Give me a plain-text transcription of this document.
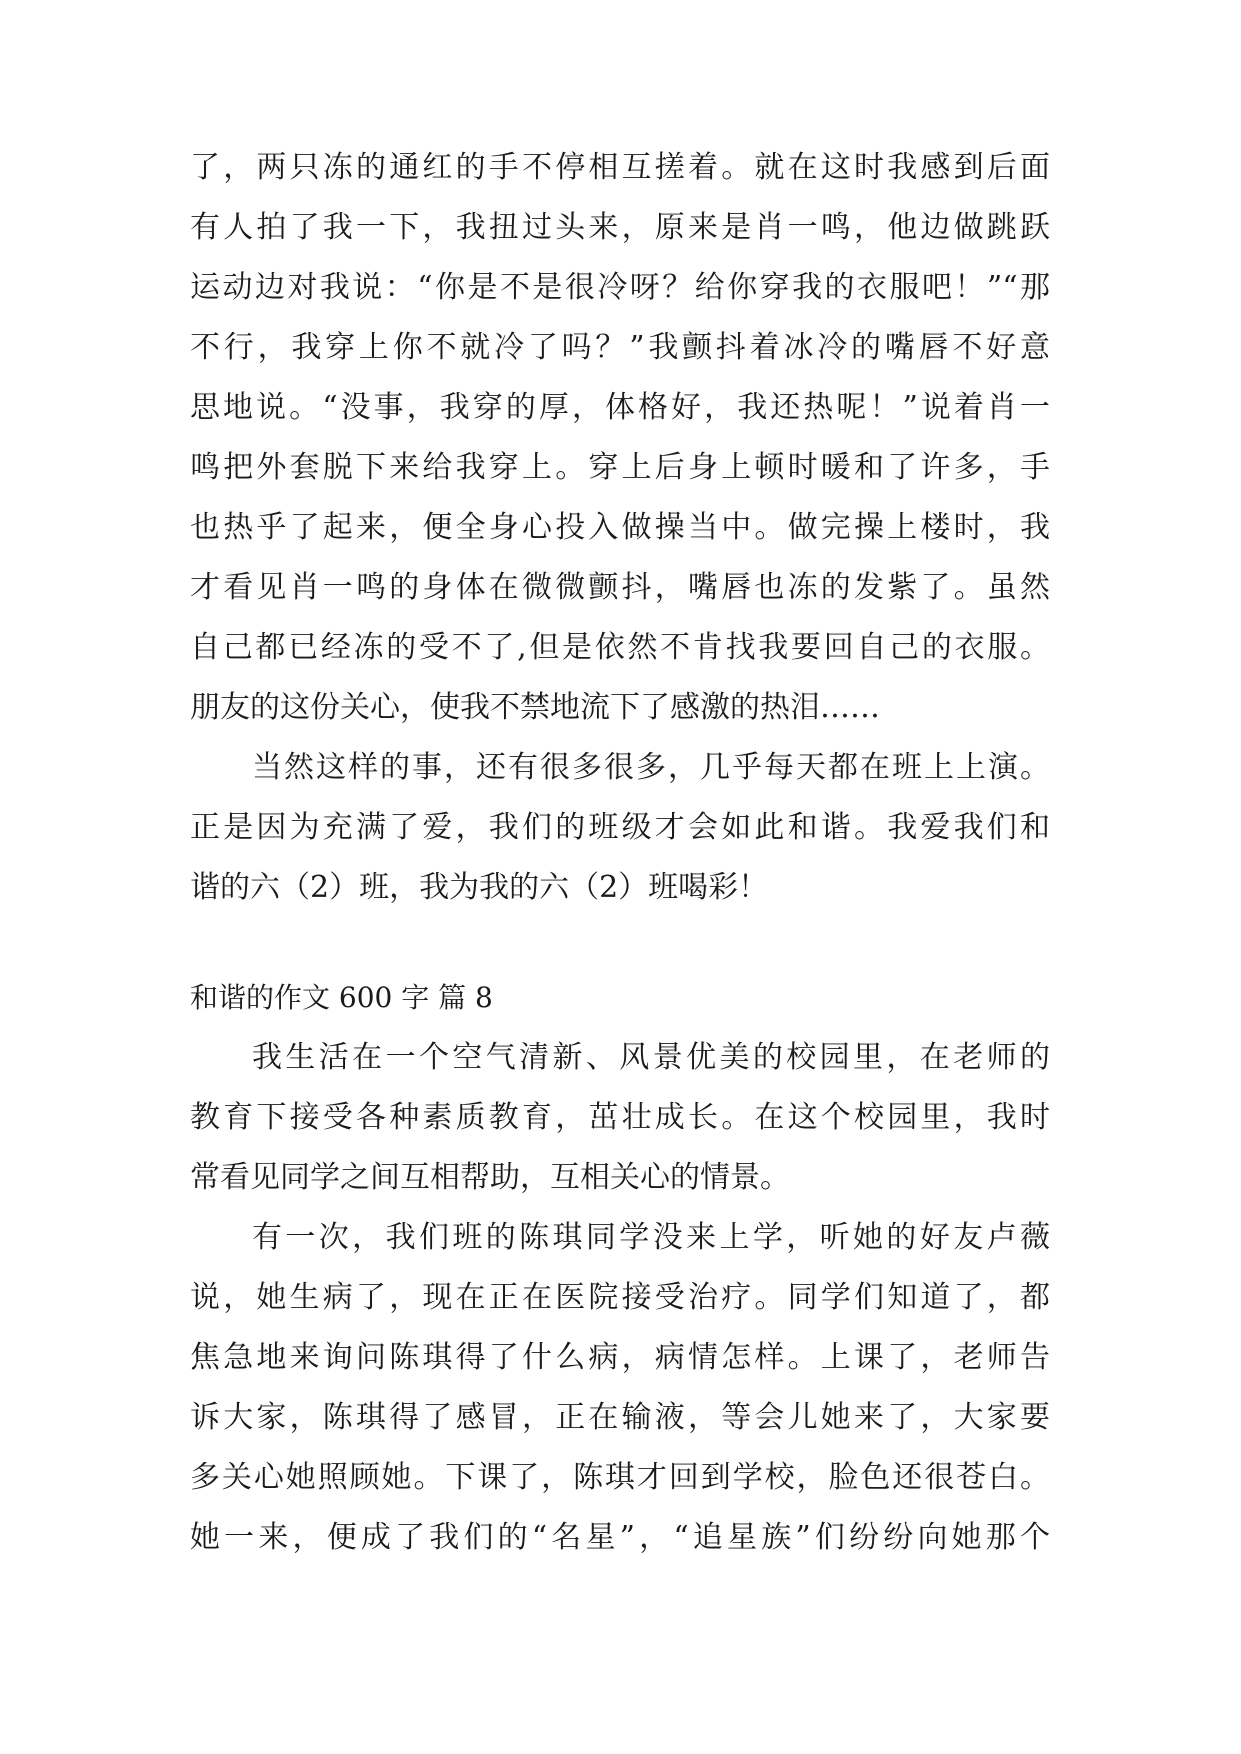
了，两只冻的通红的手不停相互搓着。就在这时我感到后面
有人拍了我一下，我扭过头来，原来是肖一鸣，他边做跳跃
运动边对我说：“你是不是很冷呀？给你穿我的衣服吧！”“那
不行，我穿上你不就冷了吗？”我颤抖着冰冷的嘴唇不好意
思地说。“没事，我穿的厚，体格好，我还热呢！”说着肖一
鸣把外套脱下来给我穿上。穿上后身上顿时暖和了许多，手
也热乎了起来，便全身心投入做操当中。做完操上楼时，我
才看见肖一鸣的身体在微微颤抖，嘴唇也冻的发紫了。虽然
自己都已经冻的受不了,但是依然不肯找我要回自己的衣服。
朋友的这份关心，使我不禁地流下了感激的热泪……
当然这样的事，还有很多很多，几乎每天都在班上上演。
正是因为充满了爱，我们的班级才会如此和谐。我爱我们和
谐的六（2）班，我为我的六（2）班喝彩！
和谐的作文 600 字 篇 8
我生活在一个空气清新、风景优美的校园里，在老师的
教育下接受各种素质教育，茁壮成长。在这个校园里，我时
常看见同学之间互相帮助，互相关心的情景。
有一次，我们班的陈琪同学没来上学，听她的好友卢薇
说，她生病了，现在正在医院接受治疗。同学们知道了，都
焦急地来询问陈琪得了什么病，病情怎样。上课了，老师告
诉大家，陈琪得了感冒，正在输液，等会儿她来了，大家要
多关心她照顾她。下课了，陈琪才回到学校，脸色还很苍白。
她一来，便成了我们的“名星”，“追星族”们纷纷向她那个
